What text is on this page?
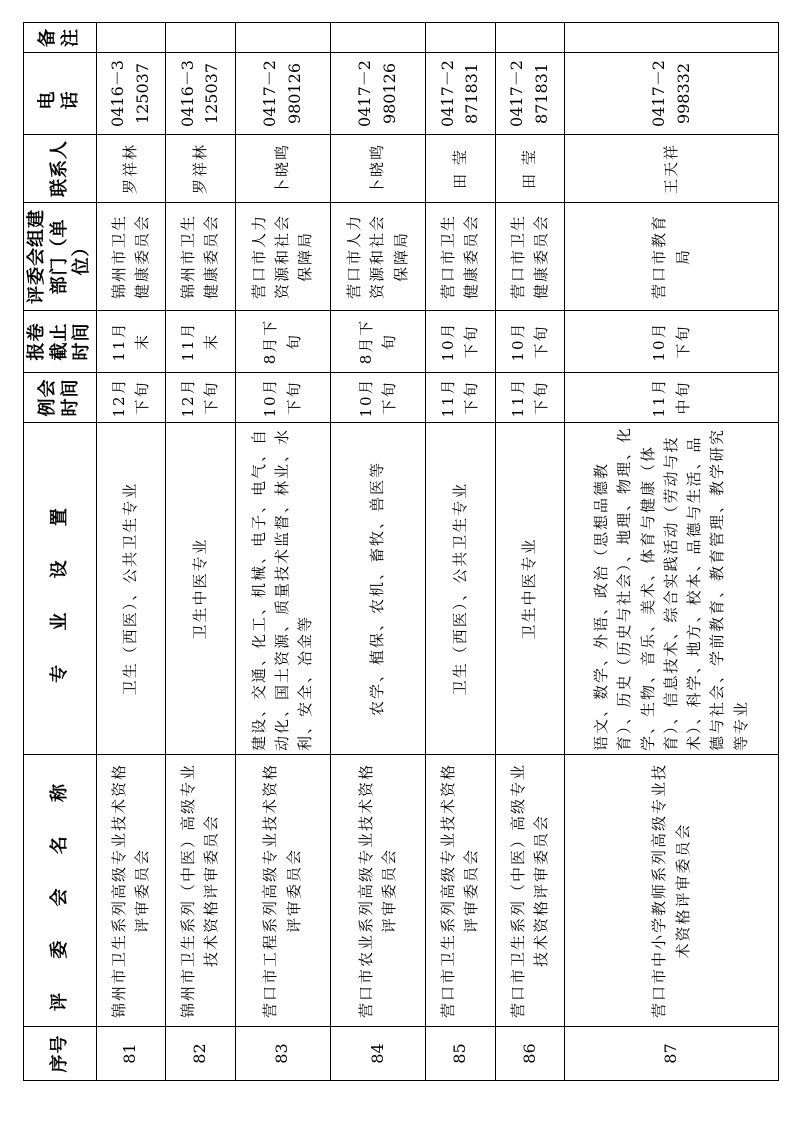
序号	评 委 会 名 称	专 业 设 置	例会时间	报卷截止时间	评委会组建部门（单位）	联系人	电 话	备注
81	锦州市卫生系列高级专业技术资格评审委员会	卫生（西医）、公共卫生专业	12月下旬	11月末	锦州市卫生健康委员会	罗祥林	0416－3125037	
82	锦州市卫生系列（中医）高级专业技术资格评审委员会	卫生中医专业	12月下旬	11月末	锦州市卫生健康委员会	罗祥林	0416－3125037	
83	营口市工程系列高级专业技术资格评审委员会	建设、交通、化工、机械、电子、电气、自动化、国土资源、质量技术监督、林业、水利、安全、冶金等	10月下旬	8月下旬	营口市人力资源和社会保障局	卜晓鸣	0417－2980126	
84	营口市农业系列高级专业技术资格评审委员会	农学、植保、农机、畜牧、兽医等	10月下旬	8月下旬	营口市人力资源和社会保障局	卜晓鸣	0417－2980126	
85	营口市卫生系列高级专业技术资格评审委员会	卫生（西医）、公共卫生专业	11月下旬	10月下旬	营口市卫生健康委员会	田 莹	0417－2871831	
86	营口市卫生系列（中医）高级专业技术资格评审委员会	卫生中医专业	11月下旬	10月下旬	营口市卫生健康委员会	田 莹	0417－2871831	
87	营口市中小学教师系列高级专业技术资格评审委员会	语文、数学、外语、政治（思想品德教育）、历史（历史与社会）、地理、物理、化学、生物、音乐、美术、体育与健康（体育）、信息技术、综合实践活动（劳动与技术）、科学、地方、校本、品德与生活、品德与社会、学前教育、教育管理、教学研究等专业	11月中旬	10月下旬	营口市教育局	王天祥	0417－2998332	
